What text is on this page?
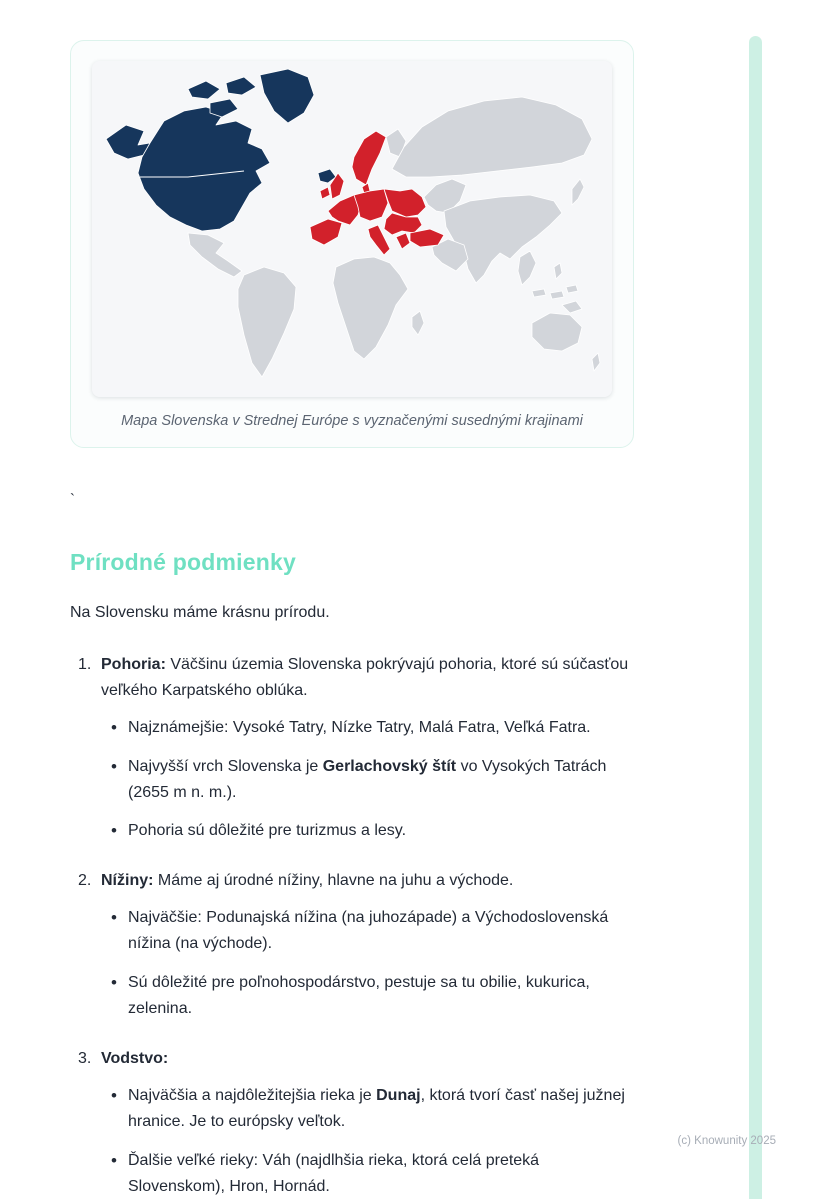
Mapa Slovenska v Strednej Európe s vyznačenými susednými krajinami
`
Prírodné podmienky

Na Slovensku máme krásnu prírodu.

1. Pohoria: Väčšinu územia Slovenska pokrývajú pohoria, ktoré sú súčasťou veľkého Karpatského oblúka.

• Najznámejšie: Vysoké Tatry, Nízke Tatry, Malá Fatra, Veľká Fatra.
• Najvyšší vrch Slovenska je Gerlachovský štít vo Vysokých Tatrách (2655 m n. m.).
• Pohoria sú dôležité pre turizmus a lesy.
2. Nížiny: Máme aj úrodné nížiny, hlavne na juhu a východe.

• Najväčšie: Podunajská nížina (na juhozápade) a Východoslovenská nížina (na východe).
• Sú dôležité pre poľnohospodárstvo, pestuje sa tu obilie, kukurica, zelenina.
3. Vodstvo:

• Najväčšia a najdôležitejšia rieka je Dunaj, ktorá tvorí časť našej južnej hranice. Je to európsky veľtok.
• Ďalšie veľké rieky: Váh (najdlhšia rieka, ktorá celá preteká Slovenskom), Hron, Hornád.
(c) Knowunity 2025
